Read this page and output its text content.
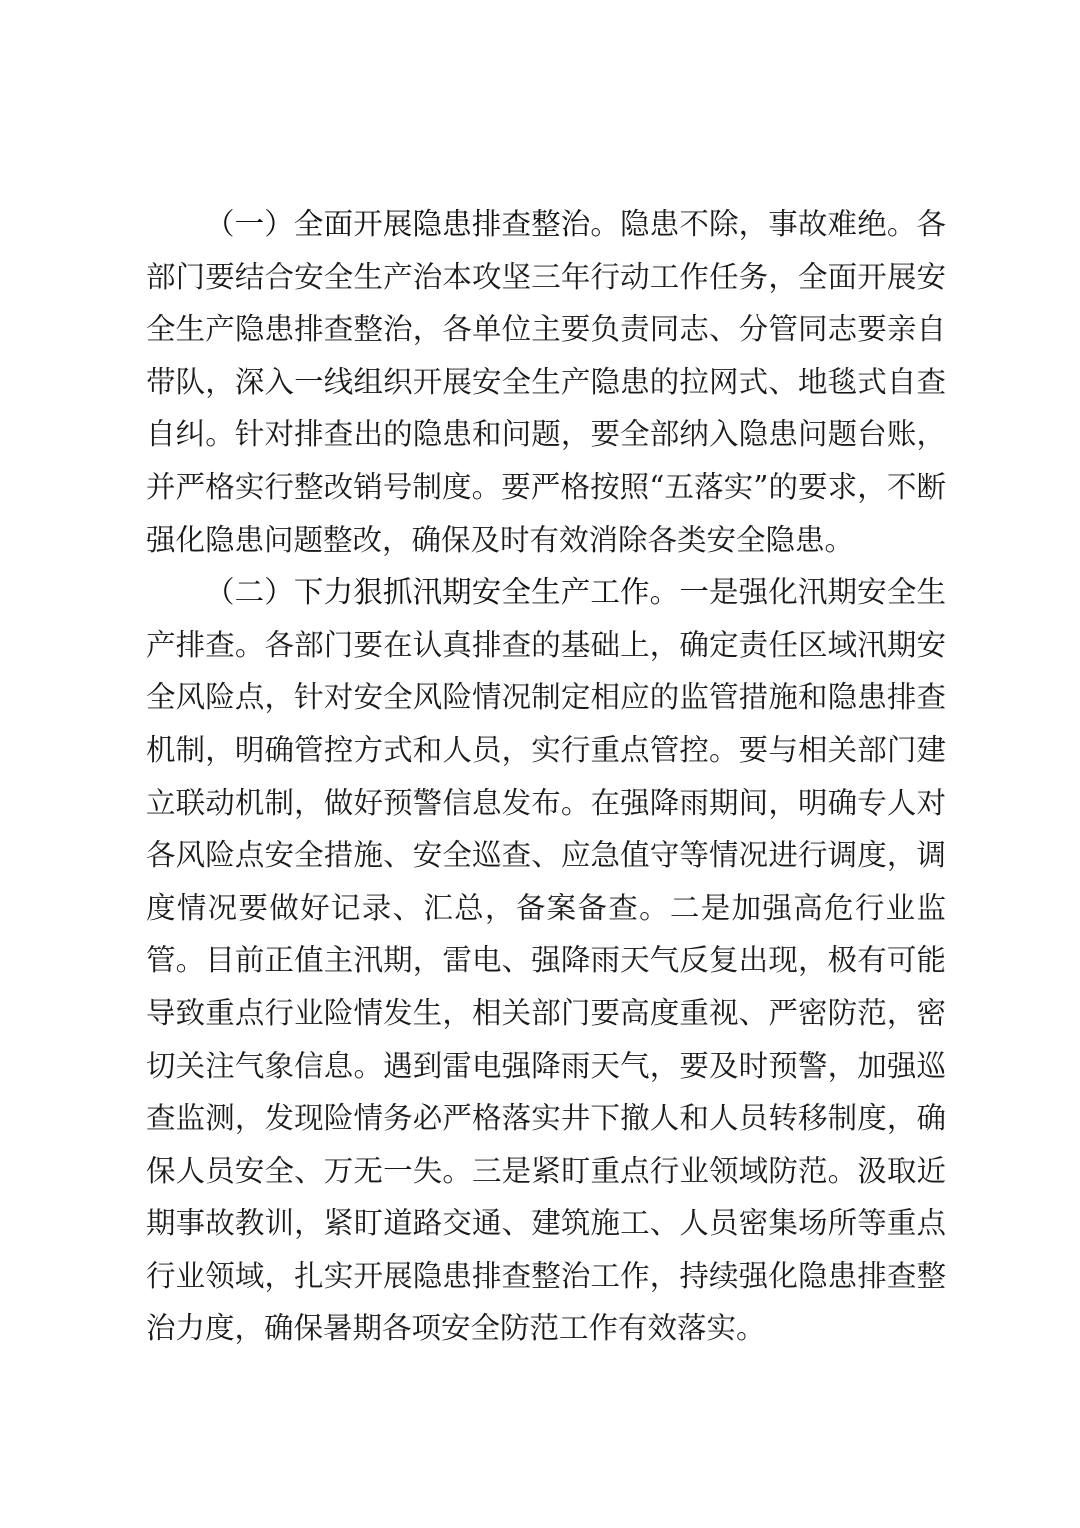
（一）全面开展隐患排查整治。隐患不除，事故难绝。各部门要结合安全生产治本攻坚三年行动工作任务，全面开展安全生产隐患排查整治，各单位主要负责同志、分管同志要亲自带队，深入一线组织开展安全生产隐患的拉网式、地毯式自查自纠。针对排查出的隐患和问题，要全部纳入隐患问题台账，并严格实行整改销号制度。要严格按照“五落实”的要求，不断强化隐患问题整改，确保及时有效消除各类安全隐患。

（二）下力狠抓汛期安全生产工作。一是强化汛期安全生产排查。各部门要在认真排查的基础上，确定责任区域汛期安全风险点，针对安全风险情况制定相应的监管措施和隐患排查机制，明确管控方式和人员，实行重点管控。要与相关部门建立联动机制，做好预警信息发布。在强降雨期间，明确专人对各风险点安全措施、安全巡查、应急值守等情况进行调度，调度情况要做好记录、汇总，备案备查。二是加强高危行业监管。目前正值主汛期，雷电、强降雨天气反复出现，极有可能导致重点行业险情发生，相关部门要高度重视、严密防范，密切关注气象信息。遇到雷电强降雨天气，要及时预警，加强巡查监测，发现险情务必严格落实井下撤人和人员转移制度，确保人员安全、万无一失。三是紧盯重点行业领域防范。汲取近期事故教训，紧盯道路交通、建筑施工、人员密集场所等重点行业领域，扎实开展隐患排查整治工作，持续强化隐患排查整治力度，确保暑期各项安全防范工作有效落实。
